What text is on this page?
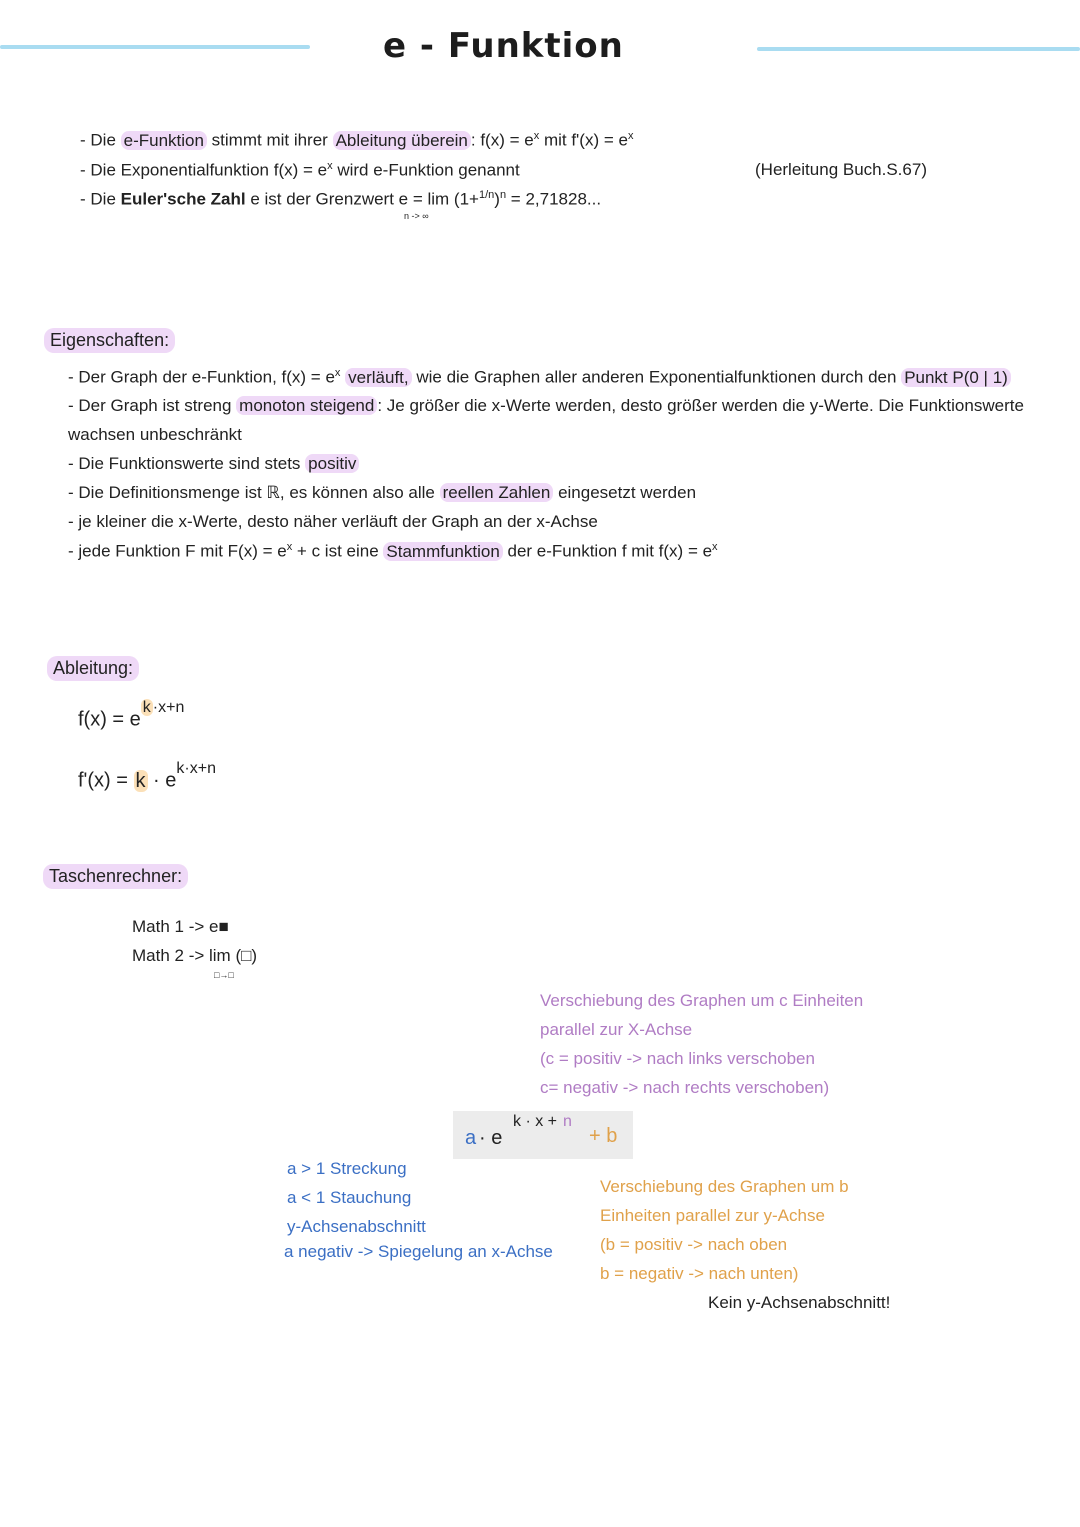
e - Funktion
- Die e-Funktion stimmt mit ihrer Ableitung überein : $f(x) = e^x$ mit $f'(x) = e^x$
- Die Exponentialfunktion $f(x) = e^x$ wird e-Funktion genannt
- Die Euler'sche Zahl e ist der Grenzwert $e = \lim (1+^{1/n})^n = 2,71828$...
n -> ∞
(Herleitung Buch.S.67)
Eigenschaften:
- Der Graph der e-Funktion, $f(x) = e^x$ verläuft, wie die Graphen aller anderen Exponentialfunktionen durch den Punkt P(0 | 1)
- Der Graph ist streng monoton steigend : Je größer die x-Werte werden, desto größer werden die y-Werte. Die Funktionswerte
wachsen unbeschränkt
- Die Funktionswerte sind stets positiv
- Die Definitionsmenge ist ℝ, es können also alle reellen Zahlen eingesetzt werden
- je kleiner die x-Werte, desto näher verläuft der Graph an der x-Achse
- jede Funktion F mit $F(x) = e^x + c$ ist eine Stammfunktion der e-Funktion f mit $f(x) = e^x$
Ableitung:
$f(x) = e^{k \cdot x+n}$
$f'(x) = k \cdot e^{k\cdot x+n}$
Taschenrechner:
Math 1 -> e■
Math 2 -> lim (□)
□→□
Verschiebung des Graphen um c Einheiten
parallel zur X-Achse
(c = positiv -> nach links verschoben
c= negativ -> nach rechts verschoben)
a · e
k · x + n
+ b
a > 1 Streckung
a < 1 Stauchung
y-Achsenabschnitt
a negativ -> Spiegelung an x-Achse
Verschiebung des Graphen um b
Einheiten parallel zur y-Achse
(b = positiv -> nach oben
b = negativ -> nach unten)
Kein y-Achsenabschnitt!
